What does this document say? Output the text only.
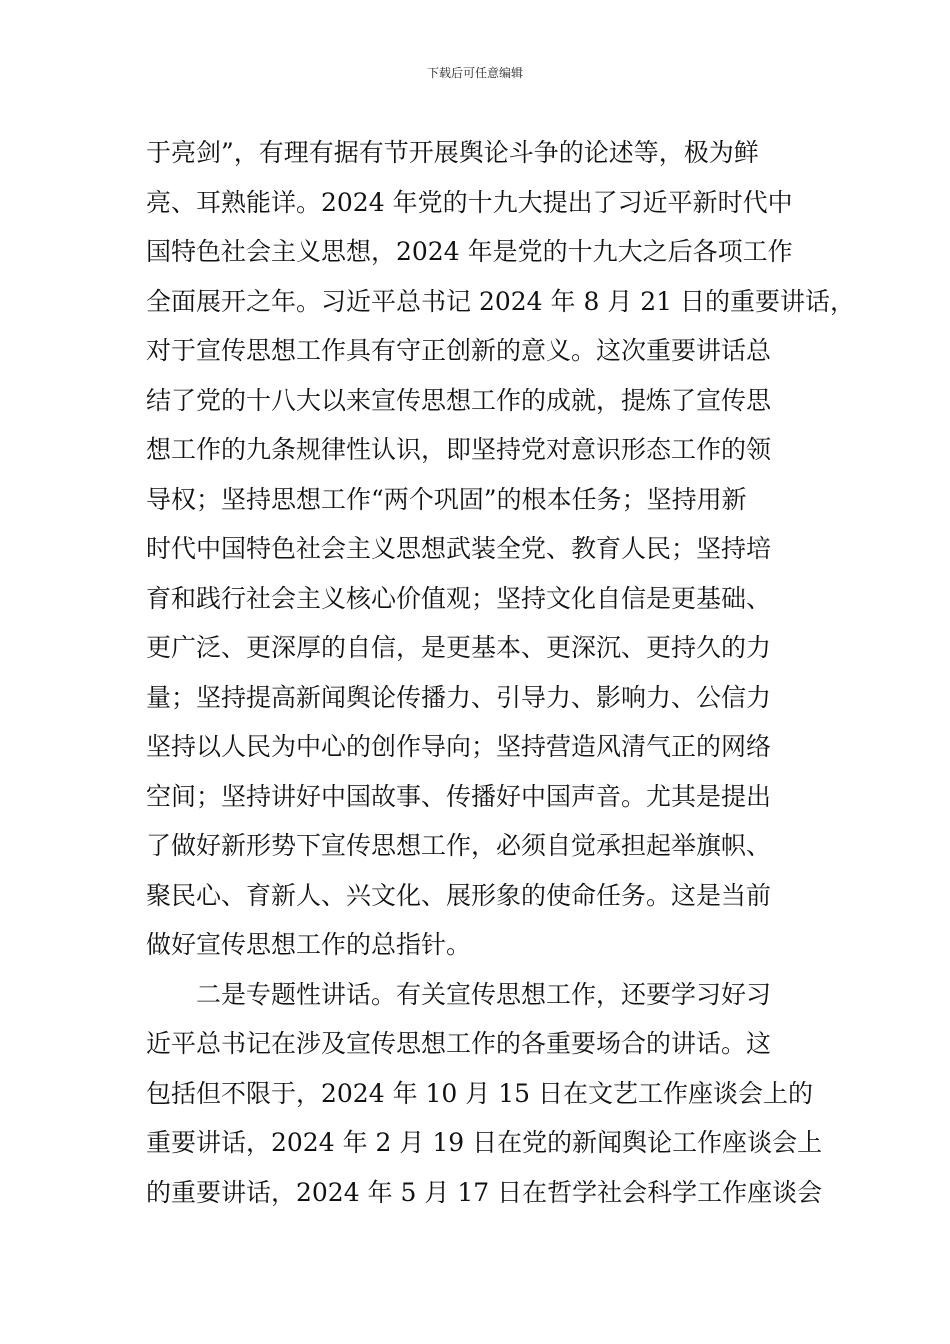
下载后可任意编辑
于亮剑”，有理有据有节开展舆论斗争的论述等，极为鲜
亮、耳熟能详。2024 年党的十九大提出了习近平新时代中
国特色社会主义思想，2024 年是党的十九大之后各项工作
全面展开之年。习近平总书记 2024 年 8 月 21 日的重要讲话，
对于宣传思想工作具有守正创新的意义。这次重要讲话总
结了党的十八大以来宣传思想工作的成就，提炼了宣传思
想工作的九条规律性认识，即坚持党对意识形态工作的领
导权；坚持思想工作“两个巩固”的根本任务；坚持用新
时代中国特色社会主义思想武装全党、教育人民；坚持培
育和践行社会主义核心价值观；坚持文化自信是更基础、
更广泛、更深厚的自信，是更基本、更深沉、更持久的力
量；坚持提高新闻舆论传播力、引导力、影响力、公信力
坚持以人民为中心的创作导向；坚持营造风清气正的网络
空间；坚持讲好中国故事、传播好中国声音。尤其是提出
了做好新形势下宣传思想工作，必须自觉承担起举旗帜、
聚民心、育新人、兴文化、展形象的使命任务。这是当前
做好宣传思想工作的总指针。
二是专题性讲话。有关宣传思想工作，还要学习好习
近平总书记在涉及宣传思想工作的各重要场合的讲话。这
包括但不限于，2024 年 10 月 15 日在文艺工作座谈会上的
重要讲话，2024 年 2 月 19 日在党的新闻舆论工作座谈会上
的重要讲话，2024 年 5 月 17 日在哲学社会科学工作座谈会
